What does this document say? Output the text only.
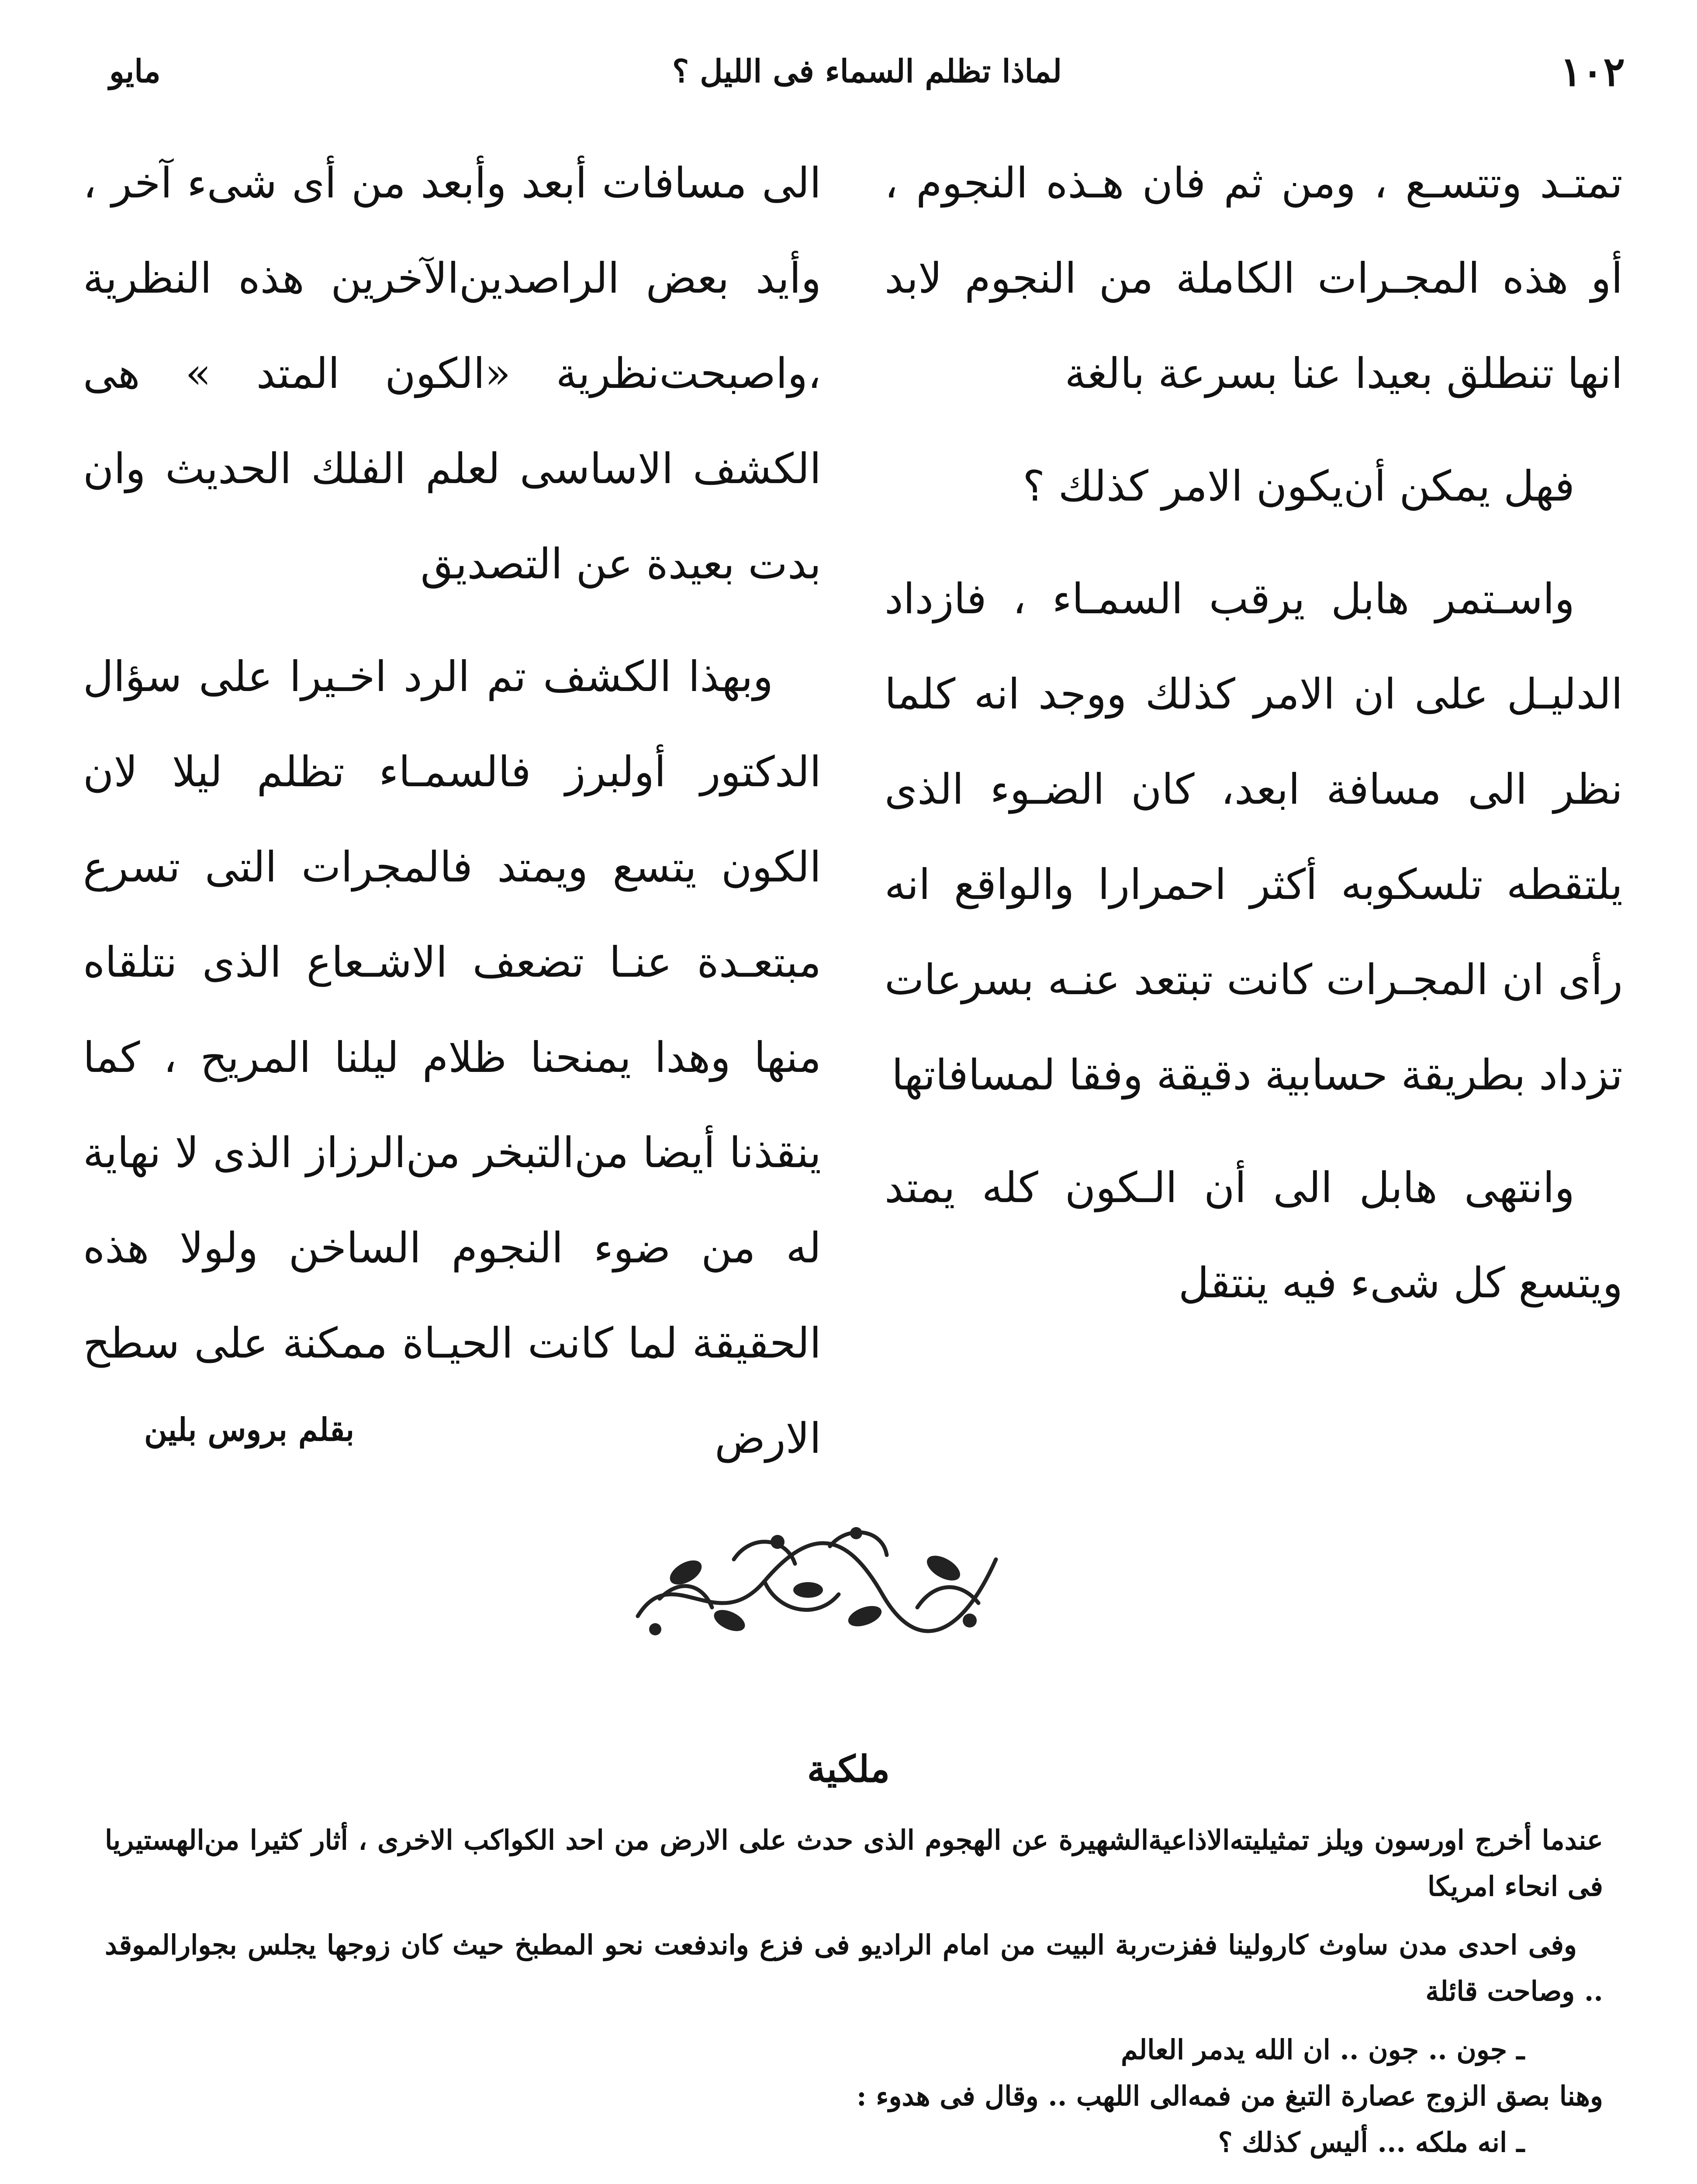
١٠٢
لماذا تظلم السماء فى الليل ؟
مايو

تمتـد وتتسـع ، ومن ثم فان هـذه النجوم ، أو هذه المجـرات الكاملة من النجوم لابد انها تنطلق بعيدا عنا بسرعة بالغة

فهل يمكن أن‌يكون الامر كذلك ؟

واسـتمر هابل يرقب السمـاء ، فازداد الدليـل على ان الامر كذلك ووجد انه كلما نظر الى مسافة ابعد، كان الضـوء الذى يلتقطه تلسكوبه أكثر احمرارا والواقع انه رأى ان المجـرات كانت تبتعد عنـه بسرعات تزداد بطريقة حسابية دقيقة وفقا لمسافاتها

وانتهى هابل الى أن الـكون كله يمتد ويتسع كل شىء فيه ينتقل

الى مسافات أبعد وأبعد من أى شىء آخر ، وأيد بعض الراصدين‌الآخرين هذه النظرية ،واصبحت‌نظرية «الكون المتد » هى الكشف الاساسى لعلم الفلك الحديث وان بدت بعيدة عن التصديق

وبهذا الكشف تم الرد اخـيرا على سؤال الدكتور أولبرز فالسمـاء تظلم ليلا لان الكون يتسع ويمتد فالمجرات التى تسرع مبتعـدة عنـا تضعف الاشـعاع الذى نتلقاه منها وهدا يمنحنا ظلام ليلنا المريح ، كما ينقذنا أيضا من‌التبخر من‌الرزاز الذى لا نهاية له من ضوء النجوم الساخن ولولا هذه الحقيقة لما كانت الحيـاة ممكنة على سطح الارض

بقلم بروس بلين
ملكية

عندما أخرج اورسون ويلز تمثيليته‌الاذاعية‌الشهيرة عن الهجوم الذى حدث على الارض من احد الكواكب الاخرى ، أثار كثيرا من‌الهستيريا فى انحاء امريكا

وفى احدى مدن ساوث كارولينا ففزت‌ربة البيت من امام الراديو فى فزع واندفعت نحو المطبخ حيث كان زوجها يجلس بجوار‌الموقد .. وصاحت قائلة

ـ جون .. جون .. ان الله يدمر العالم

وهنا بصق الزوج عصارة التبغ من فمه‌الى اللهب .. وقال فى هدوء :

ـ انه ملكه ... أليس كذلك ؟
